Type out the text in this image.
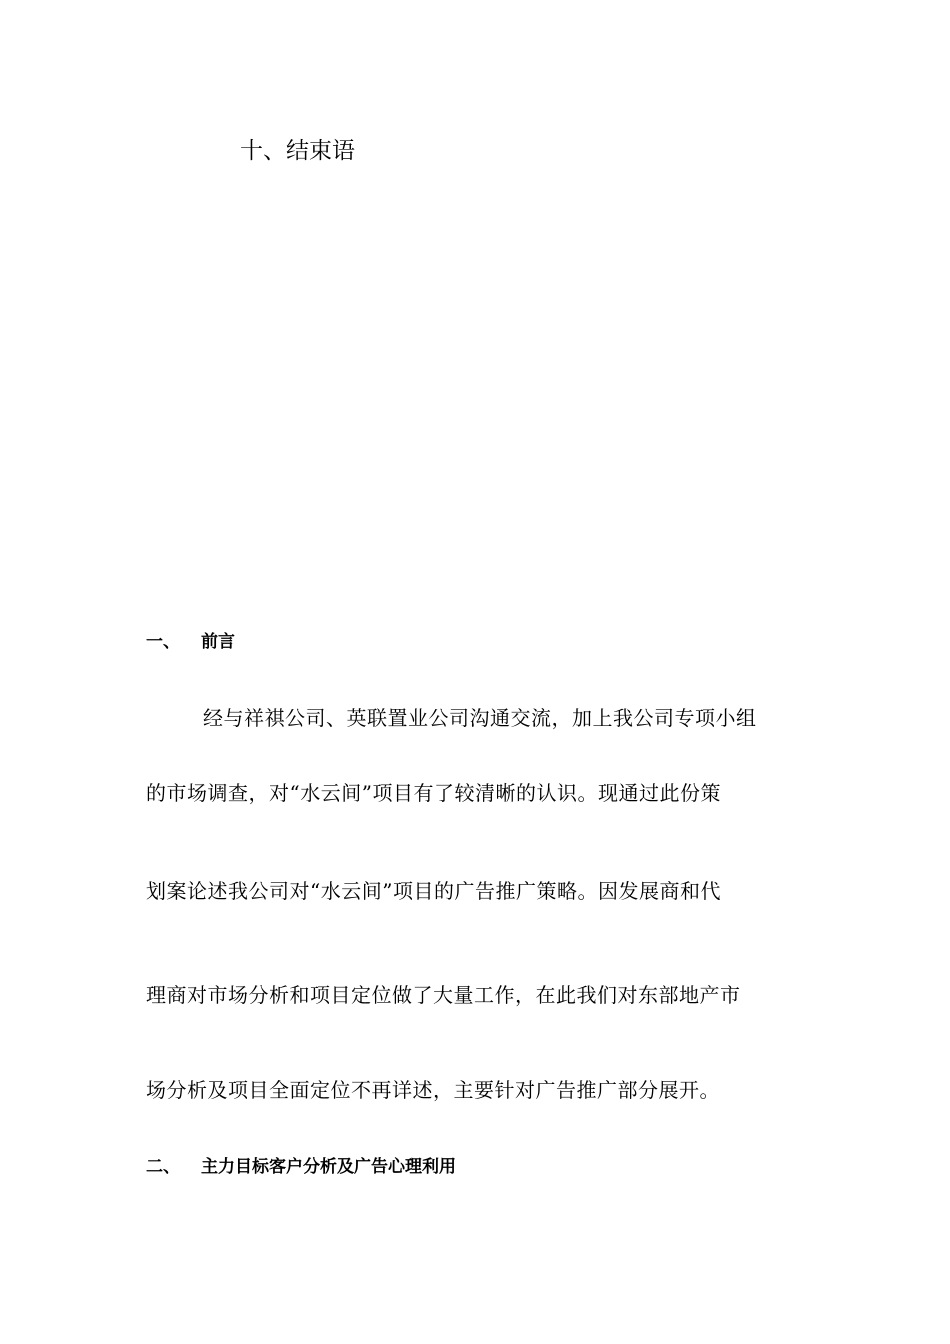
十、结束语
一、 前言
经与祥祺公司、英联置业公司沟通交流，加上我公司专项小组
的市场调查，对“水云间”项目有了较清晰的认识。现通过此份策
划案论述我公司对“水云间”项目的广告推广策略。因发展商和代
理商对市场分析和项目定位做了大量工作，在此我们对东部地产市
场分析及项目全面定位不再详述，主要针对广告推广部分展开。
二、 主力目标客户分析及广告心理利用
